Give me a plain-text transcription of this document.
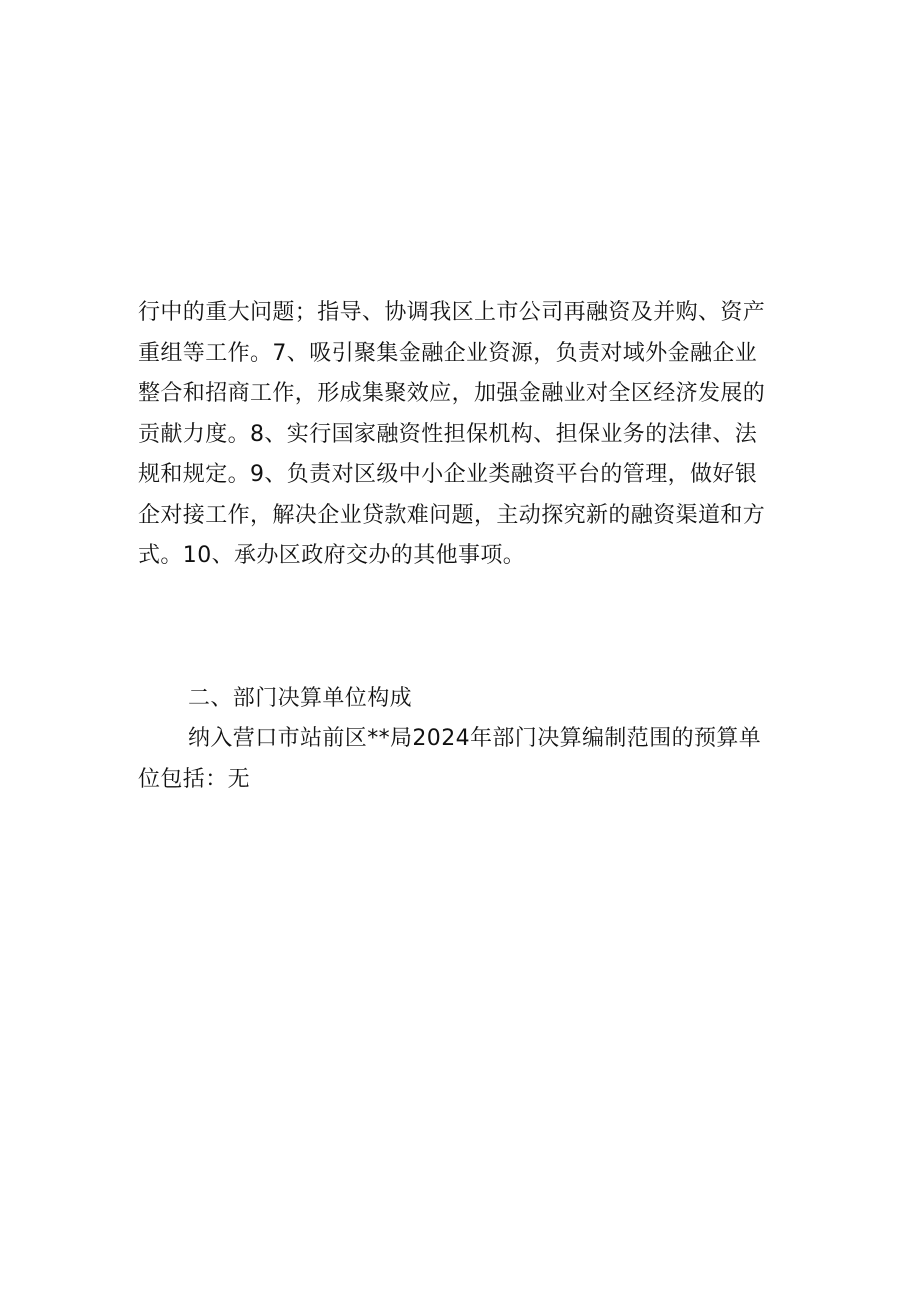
行中的重大问题；指导、协调我区上市公司再融资及并购、资产

重组等工作。7、吸引聚集金融企业资源，负责对域外金融企业

整合和招商工作，形成集聚效应，加强金融业对全区经济发展的

贡献力度。8、实行国家融资性担保机构、担保业务的法律、法

规和规定。9、负责对区级中小企业类融资平台的管理，做好银

企对接工作，解决企业贷款难问题，主动探究新的融资渠道和方

式。10、承办区政府交办的其他事项。

二、部门决算单位构成

纳入营口市站前区**局2024年部门决算编制范围的预算单

位包括：无
